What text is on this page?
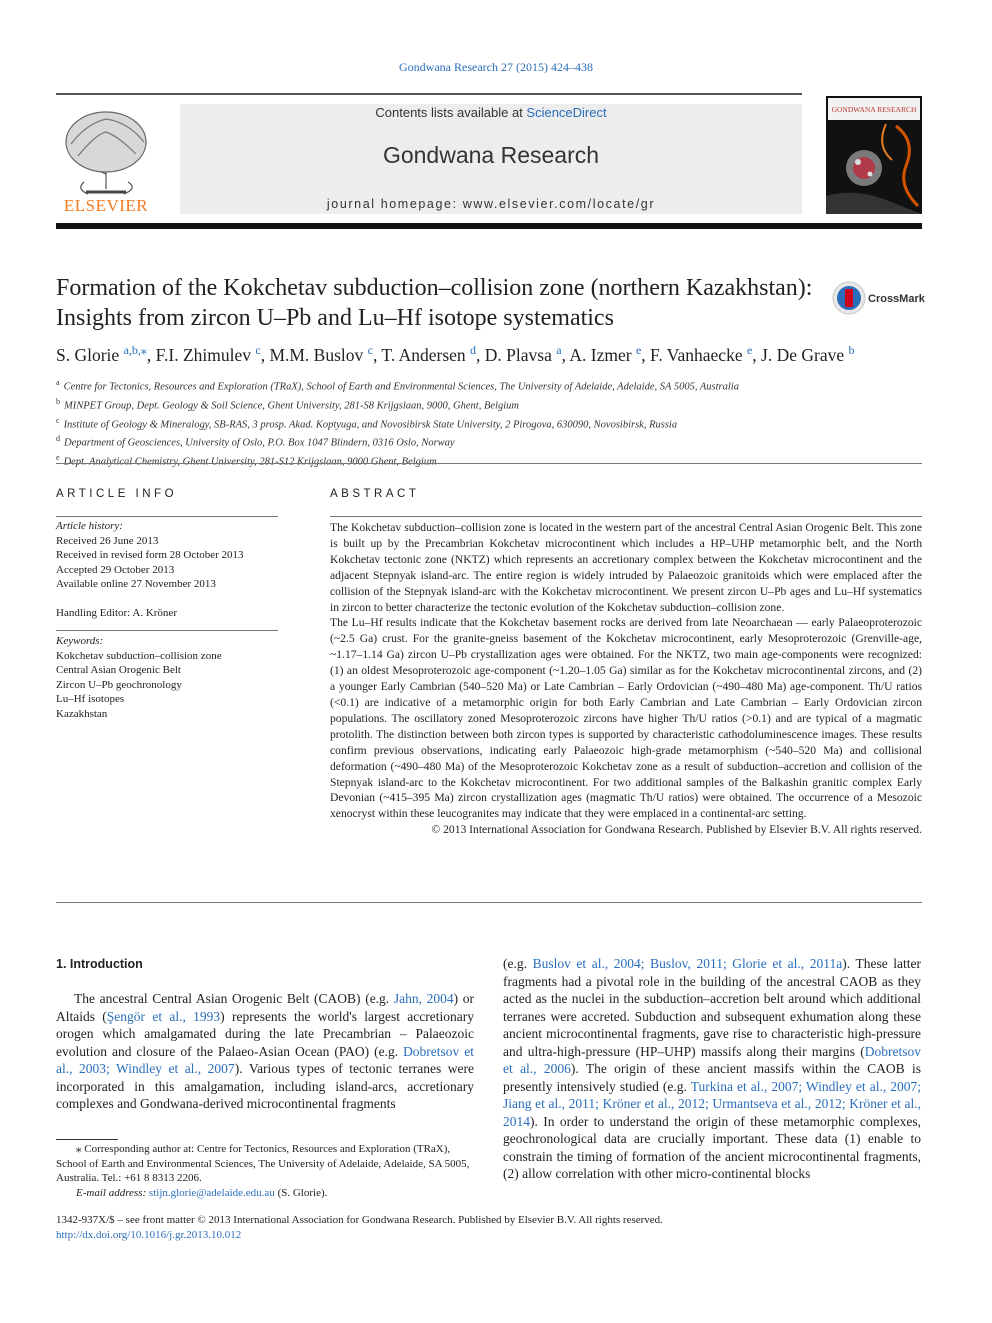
Gondwana Research 27 (2015) 424–438
ELSEVIER
Contents lists available at ScienceDirect
Gondwana Research
journal homepage: www.elsevier.com/locate/gr
GONDWANA RESEARCH
Formation of the Kokchetav subduction–collision zone (northern Kazakhstan): Insights from zircon U–Pb and Lu–Hf isotope systematics
CrossMark
S. Glorie $^{a,b,⁎}$, F.I. Zhimulev $^c$, M.M. Buslov $^c$, T. Andersen $^d$, D. Plavsa $^a$, A. Izmer $^e$, F. Vanhaecke $^e$, J. De Grave $^b$
$^a$ Centre for Tectonics, Resources and Exploration (TRaX), School of Earth and Environmental Sciences, The University of Adelaide, Adelaide, SA 5005, Australia
$^b$ MINPET Group, Dept. Geology & Soil Science, Ghent University, 281-S8 Krijgslaan, 9000, Ghent, Belgium
$^c$ Institute of Geology & Mineralogy, SB-RAS, 3 prosp. Akad. Koptyuga, and Novosibirsk State University, 2 Pirogova, 630090, Novosibirsk, Russia
$^d$ Department of Geosciences, University of Oslo, P.O. Box 1047 Blindern, 0316 Oslo, Norway
$^e$
ARTICLE INFO	ABSTRACT
Article history:
Received 26 June 2013
Received in revised form 28 October 2013
Accepted 29 October 2013
Available online 27 November 2013
Handling Editor: A. Kröner
Keywords:
Kokchetav subduction–collision zone
Central Asian Orogenic Belt
Zircon U–Pb geochronology
Lu–Hf isotopes
Kazakhstan

The Kokchetav subduction–collision zone is located in the western part of the ancestral Central Asian Orogenic Belt. This zone is built up by the Precambrian Kokchetav microcontinent which includes a HP–UHP metamorphic belt, and the North Kokchetav tectonic zone (NKTZ) which represents an accretionary complex between the Kokchetav microcontinent and the adjacent Stepnyak island-arc. The entire region is widely intruded by Palaeozoic granitoids which were emplaced after the collision of the Stepnyak island-arc with the Kokchetav microcontinent. We present zircon U–Pb ages and Lu–Hf systematics in zircon to better characterize the tectonic evolution of the Kokchetav subduction–collision zone.

The Lu–Hf results indicate that the Kokchetav basement rocks are derived from late Neoarchaean — early Palaeoproterozoic (~2.5 Ga) crust. For the granite-gneiss basement of the Kokchetav microcontinent, early Mesoproterozoic (Grenville-age, ~1.17–1.14 Ga) zircon U–Pb crystallization ages were obtained. For the NKTZ, two main age-components were recognized: (1) an oldest Mesoproterozoic age-component (~1.20–1.05 Ga) similar as for the Kokchetav microcontinental zircons, and (2) a younger Early Cambrian (540–520 Ma) or Late Cambrian – Early Ordovician (~490–480 Ma) age-component. Th/U ratios (<0.1) are indicative of a metamorphic origin for both Early Cambrian and Late Cambrian – Early Ordovician zircon populations. The oscillatory zoned Mesoproterozoic zircons have higher Th/U ratios (>0.1) and are typical of a magmatic protolith. The distinction between both zircon types is supported by characteristic cathodoluminescence images. These results confirm previous observations, indicating early Palaeozoic high-grade metamorphism (~540–520 Ma) and collisional deformation (~490–480 Ma) of the Mesoproterozoic Kokchetav zone as a result of subduction–accretion and collision of the Stepnyak island-arc to the Kokchetav microcontinent. For two additional samples of the Balkashin granitic complex Early Devonian (~415–395 Ma) zircon crystallization ages (magmatic Th/U ratios) were obtained. The occurrence of a Mesozoic xenocryst within these leucogranites may indicate that they were emplaced in a continental-arc setting.

© 2013 International Association for Gondwana Research. Published by Elsevier B.V. All rights reserved.

1. Introduction
The ancestral Central Asian Orogenic Belt (CAOB) (e.g. Jahn, 2004) or Altaids (Şengör et al., 1993) represents the world's largest accretionary orogen which amalgamated during the late Precambrian – Palaeozoic evolution and closure of the Palaeo-Asian Ocean (PAO) (e.g. Dobretsov et al., 2003; Windley et al., 2007). Various types of tectonic terranes were incorporated in this amalgamation, including island-arcs, accretionary complexes and Gondwana-derived microcontinental fragments
(e.g. Buslov et al., 2004; Buslov, 2011; Glorie et al., 2011a). These latter fragments had a pivotal role in the building of the ancestral CAOB as they acted as the nuclei in the subduction–accretion belt around which additional terranes were accreted. Subduction and subsequent exhumation along these ancient microcontinental fragments, gave rise to characteristic high-pressure and ultra-high-pressure (HP–UHP) massifs along their margins (Dobretsov et al., 2006). The origin of these ancient massifs within the CAOB is presently intensively studied (e.g. Turkina et al., 2007; Windley et al., 2007; Jiang et al., 2011; Kröner et al., 2012; Urmantseva et al., 2012; Kröner et al., 2014). In order to understand the origin of these metamorphic complexes, geochronological data are crucially important. These data (1) enable to constrain the timing of formation of the ancient microcontinental fragments, (2) allow correlation with other micro-continental blocks
⁎ Corresponding author at: Centre for Tectonics, Resources and Exploration (TRaX), School of Earth and Environmental Sciences, The University of Adelaide, Adelaide, SA 5005, Australia. Tel.: +61 8 8313 2206.
E-mail address: stijn.glorie@adelaide.edu.au (S. Glorie).
1342-937X/$ – see front matter © 2013 International Association for Gondwana Research. Published by Elsevier B.V. All rights reserved.
http://dx.doi.org/10.1016/j.gr.2013.10.012
